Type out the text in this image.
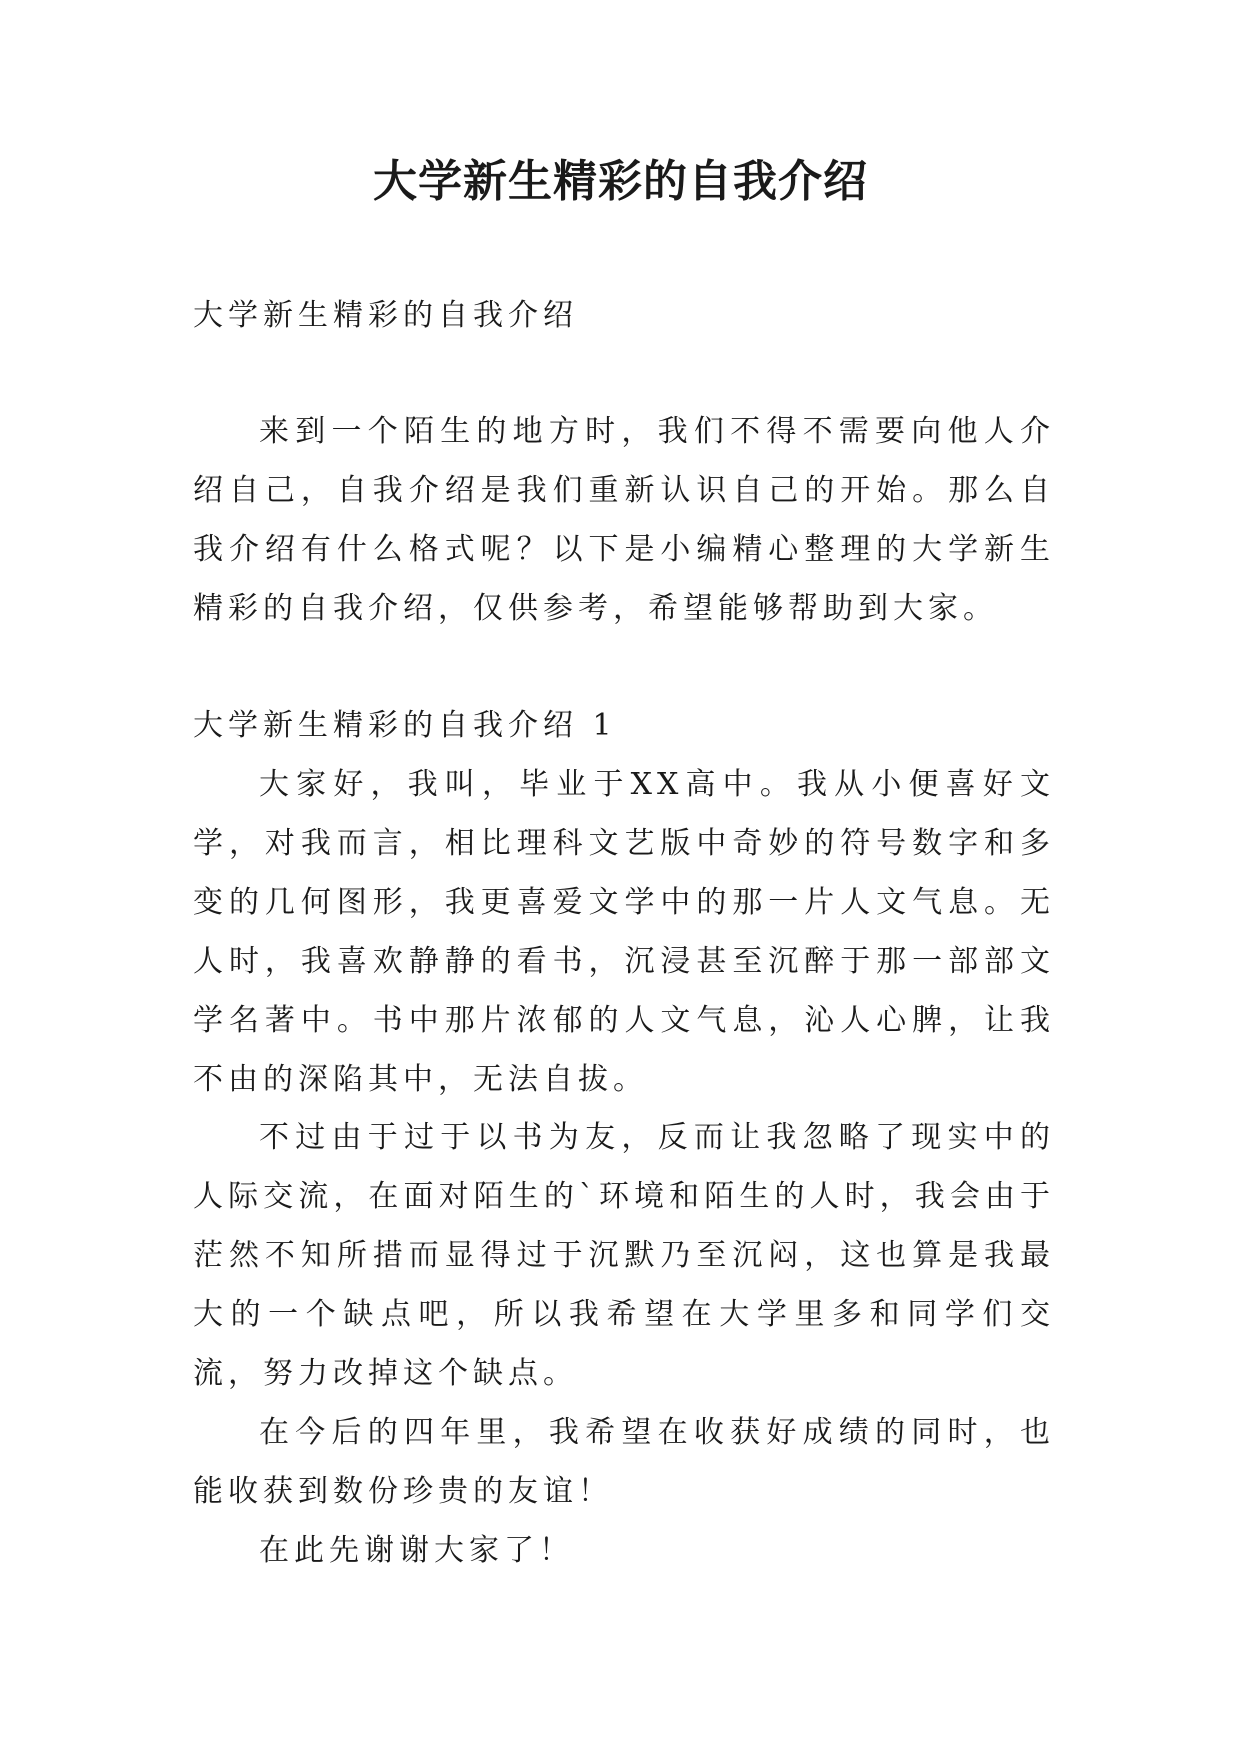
大学新生精彩的自我介绍

大学新生精彩的自我介绍

来到一个陌生的地方时，我们不得不需要向他人介绍自己，自我介绍是我们重新认识自己的开始。那么自我介绍有什么格式呢？以下是小编精心整理的大学新生精彩的自我介绍，仅供参考，希望能够帮助到大家。

大学新生精彩的自我介绍 1

大家好，我叫，毕业于XX高中。我从小便喜好文学，对我而言，相比理科文艺版中奇妙的符号数字和多变的几何图形，我更喜爱文学中的那一片人文气息。无人时，我喜欢静静的看书，沉浸甚至沉醉于那一部部文学名著中。书中那片浓郁的人文气息，沁人心脾，让我不由的深陷其中，无法自拔。

不过由于过于以书为友，反而让我忽略了现实中的人际交流，在面对陌生的`环境和陌生的人时，我会由于茫然不知所措而显得过于沉默乃至沉闷，这也算是我最大的一个缺点吧，所以我希望在大学里多和同学们交流，努力改掉这个缺点。

在今后的四年里，我希望在收获好成绩的同时，也能收获到数份珍贵的友谊！

在此先谢谢大家了！
